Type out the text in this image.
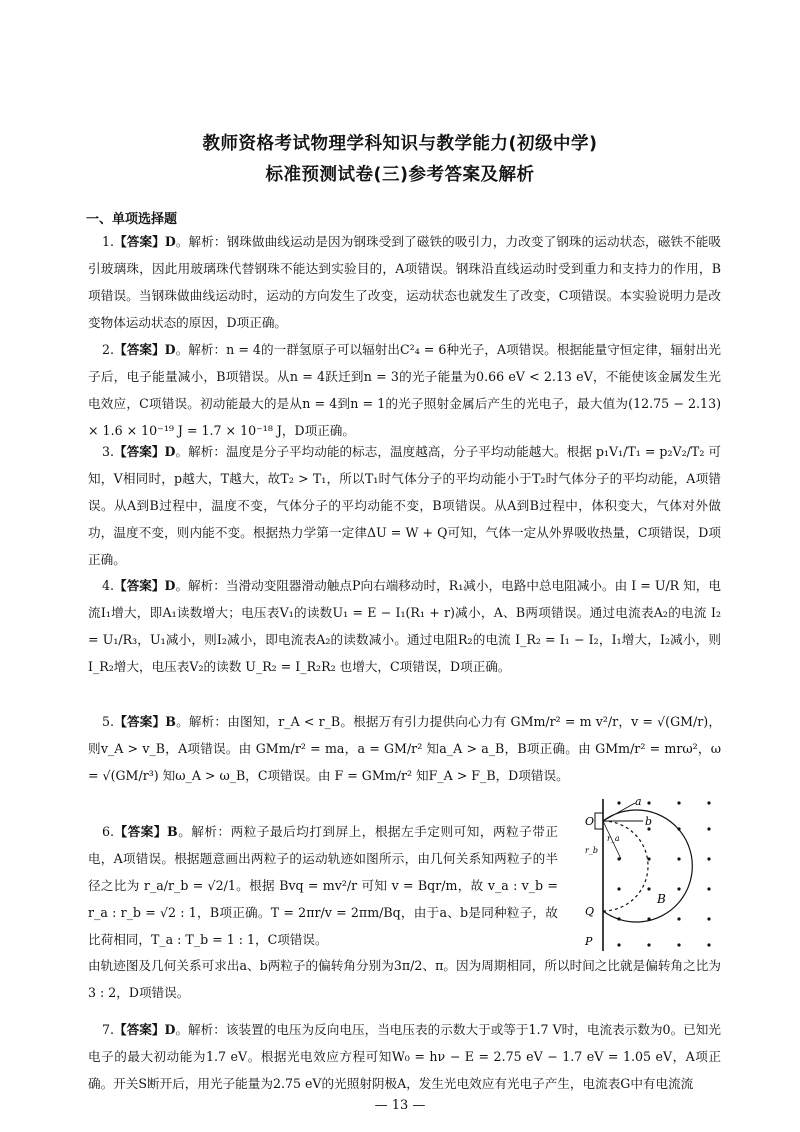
教师资格考试物理学科知识与教学能力(初级中学)
标准预测试卷(三)参考答案及解析
一、单项选择题
1.【答案】D。解析：钢珠做曲线运动是因为钢珠受到了磁铁的吸引力，力改变了钢珠的运动状态，磁铁不能吸引玻璃珠，因此用玻璃珠代替钢珠不能达到实验目的，A项错误。钢珠沿直线运动时受到重力和支持力的作用，B项错误。当钢珠做曲线运动时，运动的方向发生了改变，运动状态也就发生了改变，C项错误。本实验说明力是改变物体运动状态的原因，D项正确。
2.【答案】D。解析：n = 4的一群氢原子可以辐射出C²₄ = 6种光子，A项错误。根据能量守恒定律，辐射出光子后，电子能量减小，B项错误。从n = 4跃迁到n = 3的光子能量为0.66 eV < 2.13 eV，不能使该金属发生光电效应，C项错误。初动能最大的是从n = 4到n = 1的光子照射金属后产生的光电子，最大值为(12.75 − 2.13) × 1.6 × 10⁻¹⁹ J = 1.7 × 10⁻¹⁸ J，D项正确。
3.【答案】D。解析：温度是分子平均动能的标志，温度越高，分子平均动能越大。根据 p₁V₁/T₁ = p₂V₂/T₂ 可知，V相同时，p越大，T越大，故T₂ > T₁，所以T₁时气体分子的平均动能小于T₂时气体分子的平均动能，A项错误。从A到B过程中，温度不变，气体分子的平均动能不变，B项错误。从A到B过程中，体积变大，气体对外做功，温度不变，则内能不变。根据热力学第一定律ΔU = W + Q可知，气体一定从外界吸收热量，C项错误，D项正确。
4.【答案】D。解析：当滑动变阻器滑动触点P向右端移动时，R₁减小，电路中总电阻减小。由 I = U/R 知，电流I₁增大，即A₁读数增大；电压表V₁的读数U₁ = E − I₁(R₁ + r)减小，A、B两项错误。通过电流表A₂的电流 I₂ = U₁/R₃，U₁减小，则I₂减小，即电流表A₂的读数减小。通过电阻R₂的电流 I_R₂ = I₁ − I₂，I₁增大，I₂减小，则 I_R₂增大，电压表V₂的读数 U_R₂ = I_R₂R₂ 也增大，C项错误，D项正确。
5.【答案】B。解析：由图知，r_A < r_B。根据万有引力提供向心力有 GMm/r² = m v²/r，v = √(GM/r)，则v_A > v_B，A项错误。由 GMm/r² = ma，a = GM/r² 知a_A > a_B，B项正确。由 GMm/r² = mrω²，ω = √(GM/r³) 知ω_A > ω_B，C项错误。由 F = GMm/r² 知F_A > F_B，D项错误。
6.【答案】B。解析：两粒子最后均打到屏上，根据左手定则可知，两粒子带正电，A项错误。根据题意画出两粒子的运动轨迹如图所示，由几何关系知两粒子的半径之比为 r_a/r_b = √2/1。根据 Bvq = mv²/r 可知 v = Bqr/m，故 v_a : v_b = r_a : r_b = √2 : 1，B项正确。T = 2πr/v = 2πm/Bq，由于a、b是同种粒子，故比荷相同，T_a : T_b = 1 : 1，C项错误。
由轨迹图及几何关系可求出a、b两粒子的偏转角分别为3π/2、π。因为周期相同，所以时间之比就是偏转角之比为3 : 2，D项错误。
7.【答案】D。解析：该装置的电压为反向电压，当电压表的示数大于或等于1.7 V时，电流表示数为0。已知光电子的最大初动能为1.7 eV。根据光电效应方程可知W₀ = hν − E = 2.75 eV − 1.7 eV = 1.05 eV，A项正确。开关S断开后，用光子能量为2.75 eV的光照射阴极A，发生光电效应有光电子产生，电流表G中有电流流
a
b
O
Q
P
B
r_a
r_b
— 13 —
